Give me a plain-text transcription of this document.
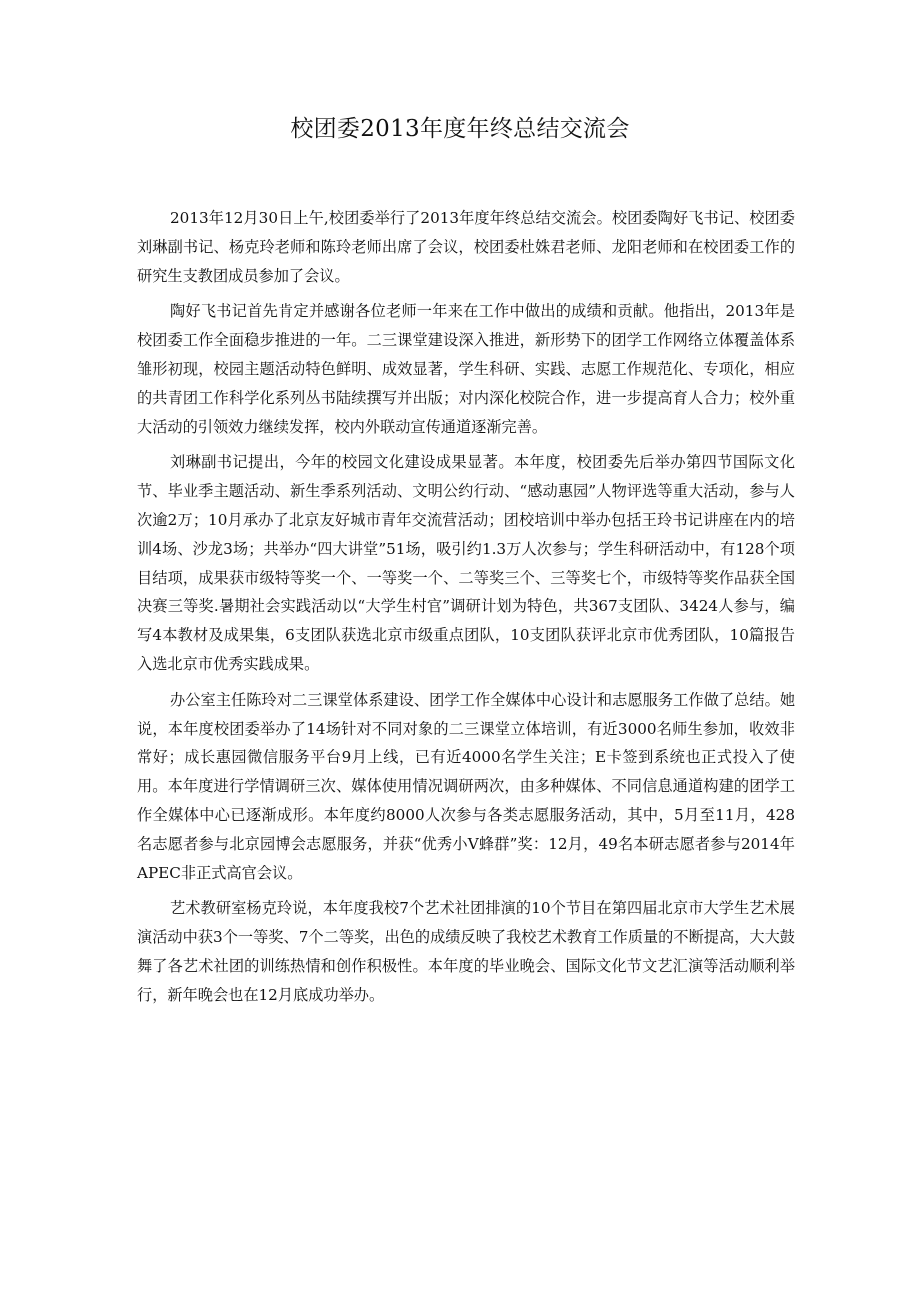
校团委2013年度年终总结交流会

2013年12月30日上午,校团委举行了2013年度年终总结交流会。校团委陶好飞书记、校团委刘琳副书记、杨克玲老师和陈玲老师出席了会议，校团委杜姝君老师、龙阳老师和在校团委工作的研究生支教团成员参加了会议。

陶好飞书记首先肯定并感谢各位老师一年来在工作中做出的成绩和贡献。他指出，2013年是校团委工作全面稳步推进的一年。二三课堂建设深入推进，新形势下的团学工作网络立体覆盖体系雏形初现，校园主题活动特色鲜明、成效显著，学生科研、实践、志愿工作规范化、专项化，相应的共青团工作科学化系列丛书陆续撰写并出版；对内深化校院合作，进一步提高育人合力；校外重大活动的引领效力继续发挥，校内外联动宣传通道逐渐完善。

刘琳副书记提出，今年的校园文化建设成果显著。本年度，校团委先后举办第四节国际文化节、毕业季主题活动、新生季系列活动、文明公约行动、“感动惠园”人物评选等重大活动，参与人次逾2万；10月承办了北京友好城市青年交流营活动；团校培训中举办包括王玲书记讲座在内的培训4场、沙龙3场；共举办“四大讲堂”51场，吸引约1.3万人次参与；学生科研活动中，有128个项目结项，成果获市级特等奖一个、一等奖一个、二等奖三个、三等奖七个，市级特等奖作品获全国决赛三等奖.暑期社会实践活动以“大学生村官”调研计划为特色，共367支团队、3424人参与，编写4本教材及成果集，6支团队获选北京市级重点团队，10支团队获评北京市优秀团队，10篇报告入选北京市优秀实践成果。

办公室主任陈玲对二三课堂体系建设、团学工作全媒体中心设计和志愿服务工作做了总结。她说，本年度校团委举办了14场针对不同对象的二三课堂立体培训，有近3000名师生参加，收效非常好；成长惠园微信服务平台9月上线，已有近4000名学生关注；E卡签到系统也正式投入了使用。本年度进行学情调研三次、媒体使用情况调研两次，由多种媒体、不同信息通道构建的团学工作全媒体中心已逐渐成形。本年度约8000人次参与各类志愿服务活动，其中，5月至11月，428名志愿者参与北京园博会志愿服务，并获“优秀小V蜂群”奖：12月，49名本研志愿者参与2014年APEC非正式高官会议。

艺术教研室杨克玲说，本年度我校7个艺术社团排演的10个节目在第四届北京市大学生艺术展演活动中获3个一等奖、7个二等奖，出色的成绩反映了我校艺术教育工作质量的不断提高，大大鼓舞了各艺术社团的训练热情和创作积极性。本年度的毕业晚会、国际文化节文艺汇演等活动顺利举行，新年晚会也在12月底成功举办。
